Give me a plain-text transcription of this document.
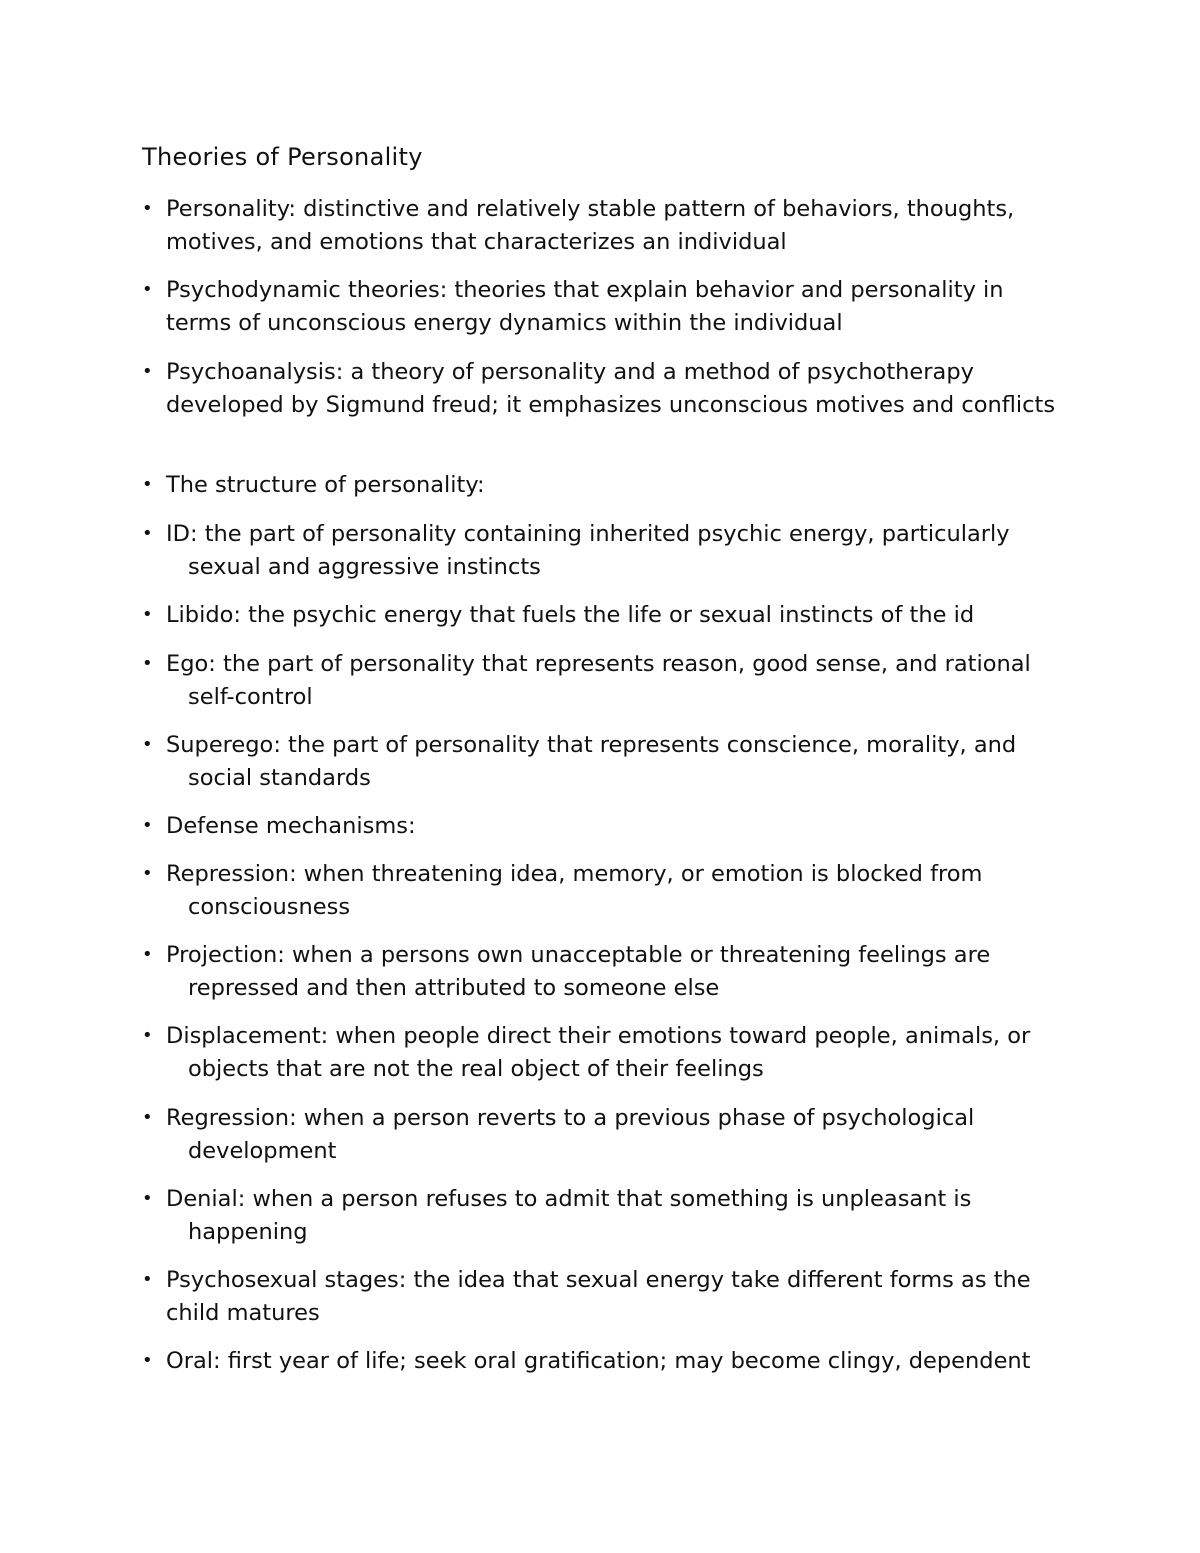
Theories of Personality
• Personality: distinctive and relatively stable pattern of behaviors, thoughts, motives, and emotions that characterizes an individual
• Psychodynamic theories: theories that explain behavior and personality in terms of unconscious energy dynamics within the individual
• Psychoanalysis: a theory of personality and a method of psychotherapy developed by Sigmund freud; it emphasizes unconscious motives and conflicts
• The structure of personality:
• ID: the part of personality containing inherited psychic energy, particularly sexual and aggressive instincts
• Libido: the psychic energy that fuels the life or sexual instincts of the id
• Ego: the part of personality that represents reason, good sense, and rational self-control
• Superego: the part of personality that represents conscience, morality, and social standards
• Defense mechanisms:
• Repression: when threatening idea, memory, or emotion is blocked from consciousness
• Projection: when a persons own unacceptable or threatening feelings are repressed and then attributed to someone else
• Displacement: when people direct their emotions toward people, animals, or objects that are not the real object of their feelings
• Regression: when a person reverts to a previous phase of psychological development
• Denial: when a person refuses to admit that something is unpleasant is happening
• Psychosexual stages: the idea that sexual energy take different forms as the child matures
• Oral: first year of life; seek oral gratification; may become clingy, dependent
